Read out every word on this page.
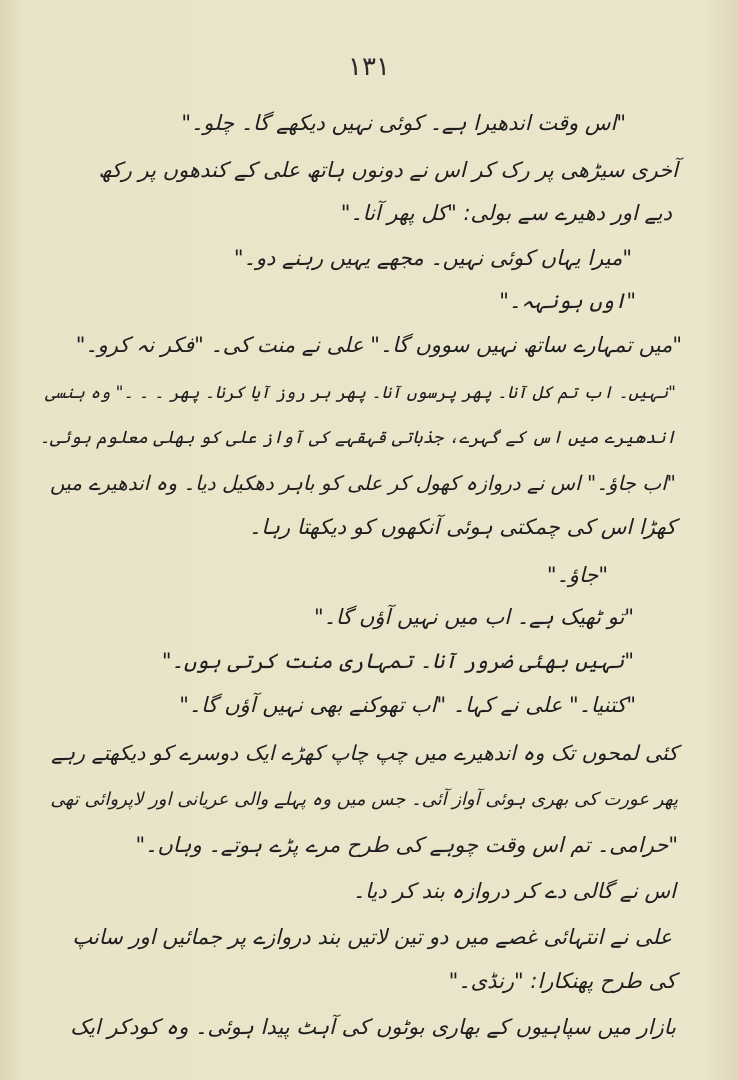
۱۳۱
"اس وقت اندھیرا ہے۔ کوئی نہیں دیکھے گا۔ چلو۔"
آخری سیڑھی پر رک کر اس نے دونوں ہاتھ علی کے کندھوں پر رکھ
دیے اور دھیرے سے بولی: "کل پھر آنا۔"
"میرا یہاں کوئی نہیں۔ مجھے یہیں رہنے دو۔"
"اوں ہونہہ۔"
"میں تمہارے ساتھ نہیں سووں گا۔" علی نے منت کی۔ "فکر نہ کرو۔"
"نہیں۔ اب تم کل آنا۔ پھر پرسوں آنا۔ پھر ہر روز آیا کرنا۔ پھر ۔ ۔ ۔" وہ ہنسی
اندھیرے میں اس کے گہرے، جذباتی قہقہے کی آواز علی کو بھلی معلوم ہوئی۔
"اب جاؤ۔" اس نے دروازہ کھول کر علی کو باہر دھکیل دیا۔ وہ اندھیرے میں
کھڑا اس کی چمکتی ہوئی آنکھوں کو دیکھتا رہا۔
"جاؤ۔"
"تو ٹھیک ہے۔ اب میں نہیں آؤں گا۔"
"نہیں بھئی ضرور آنا۔ تمہاری منت کرتی ہوں۔"
"کتنیا۔" علی نے کہا۔ "اب تھوکنے بھی نہیں آؤں گا۔"
کئی لمحوں تک وہ اندھیرے میں چپ چاپ کھڑے ایک دوسرے کو دیکھتے رہے
پھر عورت کی بھری ہوئی آواز آئی۔ جس میں وہ پہلے والی عریانی اور لاپروائی تھی
"حرامی۔ تم اس وقت چوہے کی طرح مرے پڑے ہوتے۔ وہاں۔"
اس نے گالی دے کر دروازہ بند کر دیا۔
علی نے انتہائی غصے میں دو تین لاتیں بند دروازے پر جمائیں اور سانپ
کی طرح پھنکارا: "رنڈی۔"
بازار میں سپاہیوں کے بھاری بوٹوں کی آہٹ پیدا ہوئی۔ وہ کودکر ایک
